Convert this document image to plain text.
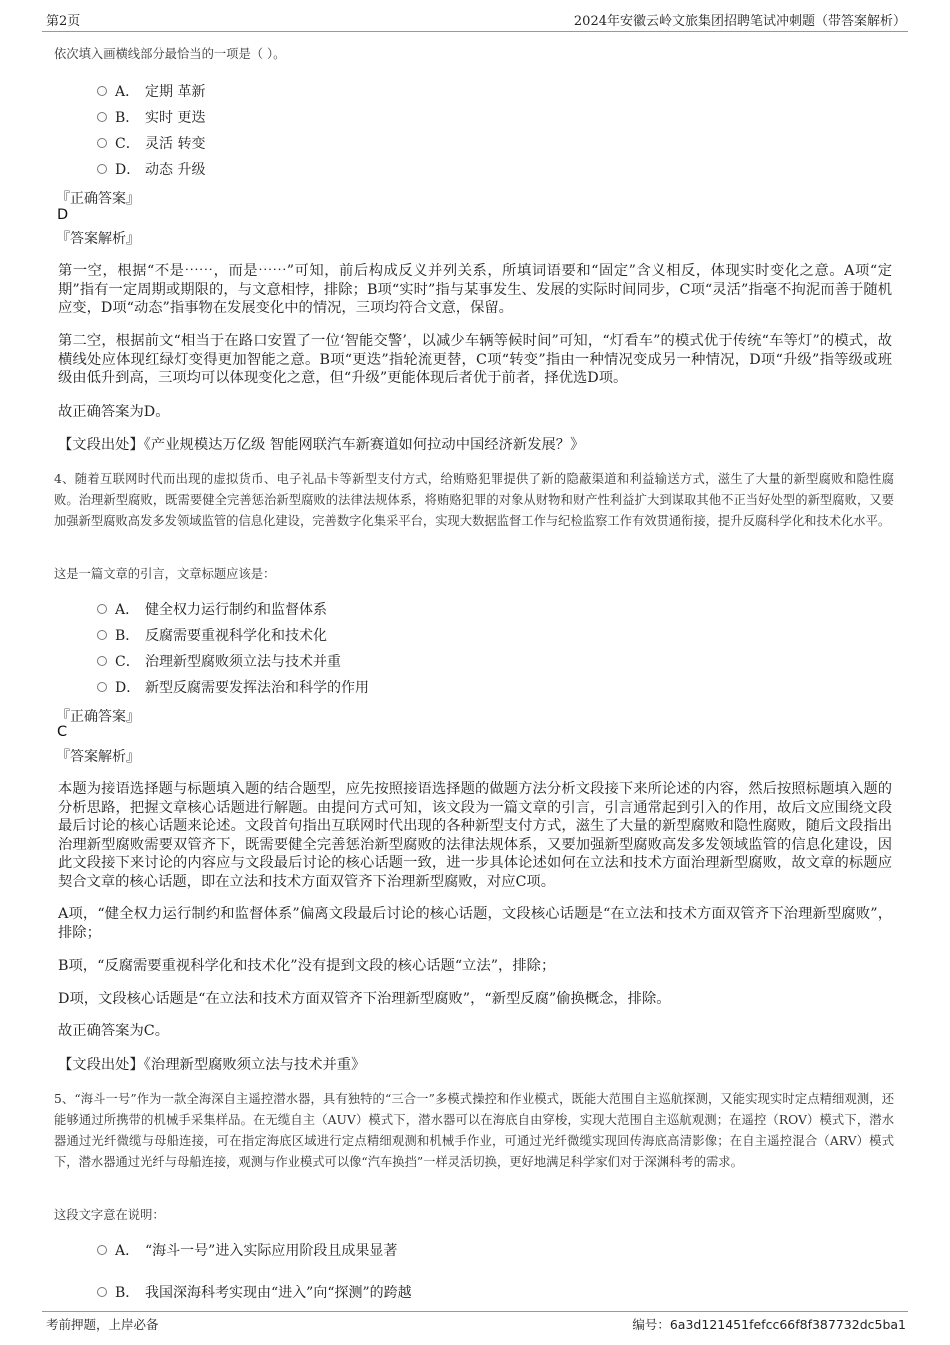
第2页	2024年安徽云岭文旅集团招聘笔试冲刺题（带答案解析）
依次填入画横线部分最恰当的一项是（ ）。
A． 定期 革新
B． 实时 更迭
C． 灵活 转变
D． 动态 升级
『正确答案』
D
『答案解析』
第一空，根据“不是⋯⋯，而是⋯⋯”可知，前后构成反义并列关系，所填词语要和“固定”含义相反，体现实时变化之意。A项“定期”指有一定周期或期限的，与文意相悖，排除；B项“实时”指与某事发生、发展的实际时间同步，C项“灵活”指毫不拘泥而善于随机应变，D项“动态”指事物在发展变化中的情况，三项均符合文意，保留。
第二空，根据前文“相当于在路口安置了一位‘智能交警’，以减少车辆等候时间”可知，“灯看车”的模式优于传统“车等灯”的模式，故横线处应体现红绿灯变得更加智能之意。B项“更迭”指轮流更替，C项“转变”指由一种情况变成另一种情况，D项“升级”指等级或班级由低升到高，三项均可以体现变化之意，但“升级”更能体现后者优于前者，择优选D项。
故正确答案为D。
【文段出处】《产业规模达万亿级 智能网联汽车新赛道如何拉动中国经济新发展？》
4、随着互联网时代而出现的虚拟货币、电子礼品卡等新型支付方式，给贿赂犯罪提供了新的隐蔽渠道和利益输送方式，滋生了大量的新型腐败和隐性腐败。治理新型腐败，既需要健全完善惩治新型腐败的法律法规体系，将贿赂犯罪的对象从财物和财产性利益扩大到谋取其他不正当好处型的新型腐败，又要加强新型腐败高发多发领域监管的信息化建设，完善数字化集采平台，实现大数据监督工作与纪检监察工作有效贯通衔接，提升反腐科学化和技术化水平。
这是一篇文章的引言，文章标题应该是：
A． 健全权力运行制约和监督体系
B． 反腐需要重视科学化和技术化
C． 治理新型腐败须立法与技术并重
D． 新型反腐需要发挥法治和科学的作用
『正确答案』
C
『答案解析』
本题为接语选择题与标题填入题的结合题型，应先按照接语选择题的做题方法分析文段接下来所论述的内容，然后按照标题填入题的分析思路，把握文章核心话题进行解题。由提问方式可知，该文段为一篇文章的引言，引言通常起到引入的作用，故后文应围绕文段最后讨论的核心话题来论述。文段首句指出互联网时代出现的各种新型支付方式，滋生了大量的新型腐败和隐性腐败，随后文段指出治理新型腐败需要双管齐下，既需要健全完善惩治新型腐败的法律法规体系，又要加强新型腐败高发多发领域监管的信息化建设，因此文段接下来讨论的内容应与文段最后讨论的核心话题一致，进一步具体论述如何在立法和技术方面治理新型腐败，故文章的标题应契合文章的核心话题，即在立法和技术方面双管齐下治理新型腐败，对应C项。
A项，“健全权力运行制约和监督体系”偏离文段最后讨论的核心话题，文段核心话题是“在立法和技术方面双管齐下治理新型腐败”，排除；
B项，“反腐需要重视科学化和技术化”没有提到文段的核心话题“立法”，排除；
D项，文段核心话题是“在立法和技术方面双管齐下治理新型腐败”，“新型反腐”偷换概念，排除。
故正确答案为C。
【文段出处】《治理新型腐败须立法与技术并重》
5、“海斗一号”作为一款全海深自主遥控潜水器，具有独特的“三合一”多模式操控和作业模式，既能大范围自主巡航探测，又能实现实时定点精细观测，还能够通过所携带的机械手采集样品。在无缆自主（AUV）模式下，潜水器可以在海底自由穿梭，实现大范围自主巡航观测；在遥控（ROV）模式下，潜水器通过光纤微缆与母船连接，可在指定海底区域进行定点精细观测和机械手作业，可通过光纤微缆实现回传海底高清影像；在自主遥控混合（ARV）模式下，潜水器通过光纤与母船连接，观测与作业模式可以像“汽车换挡”一样灵活切换，更好地满足科学家们对于深渊科考的需求。
这段文字意在说明：
A． “海斗一号”进入实际应用阶段且成果显著
B． 我国深海科考实现由“进入”向“探测”的跨越
考前押题，上岸必备	编号：6a3d121451fefcc66f8f387732dc5ba1
